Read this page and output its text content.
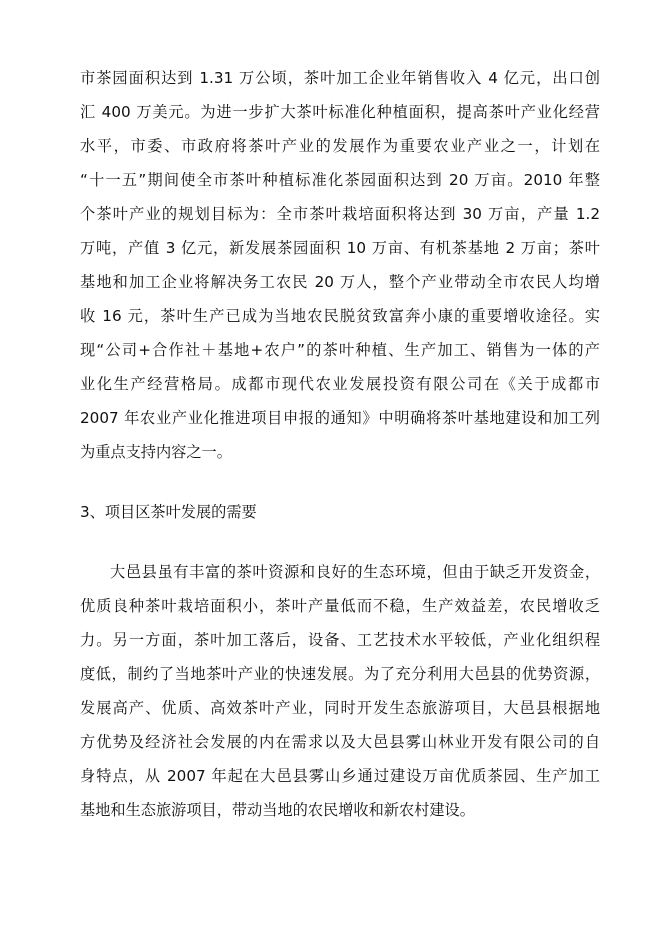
市茶园面积达到 1.31 万公顷，茶叶加工企业年销售收入 4 亿元，出口创
汇 400 万美元。为进一步扩大茶叶标准化种植面积，提高茶叶产业化经营
水平，市委、市政府将茶叶产业的发展作为重要农业产业之一，计划在
“十一五”期间使全市茶叶种植标准化茶园面积达到 20 万亩。2010 年整
个茶叶产业的规划目标为：全市茶叶栽培面积将达到 30 万亩，产量 1.2
万吨，产值 3 亿元，新发展茶园面积 10 万亩、有机茶基地 2 万亩；茶叶
基地和加工企业将解决务工农民 20 万人，整个产业带动全市农民人均增
收 16 元，茶叶生产已成为当地农民脱贫致富奔小康的重要增收途径。实
现“公司+合作社＋基地+农户”的茶叶种植、生产加工、销售为一体的产
业化生产经营格局。成都市现代农业发展投资有限公司在《关于成都市
2007 年农业产业化推进项目申报的通知》中明确将茶叶基地建设和加工列
为重点支持内容之一。
3、项目区茶叶发展的需要
大邑县虽有丰富的茶叶资源和良好的生态环境，但由于缺乏开发资金，
优质良种茶叶栽培面积小，茶叶产量低而不稳，生产效益差，农民增收乏
力。另一方面，茶叶加工落后，设备、工艺技术水平较低，产业化组织程
度低，制约了当地茶叶产业的快速发展。为了充分利用大邑县的优势资源，
发展高产、优质、高效茶叶产业，同时开发生态旅游项目，大邑县根据地
方优势及经济社会发展的内在需求以及大邑县雾山林业开发有限公司的自
身特点，从 2007 年起在大邑县雾山乡通过建设万亩优质茶园、生产加工
基地和生态旅游项目，带动当地的农民增收和新农村建设。
